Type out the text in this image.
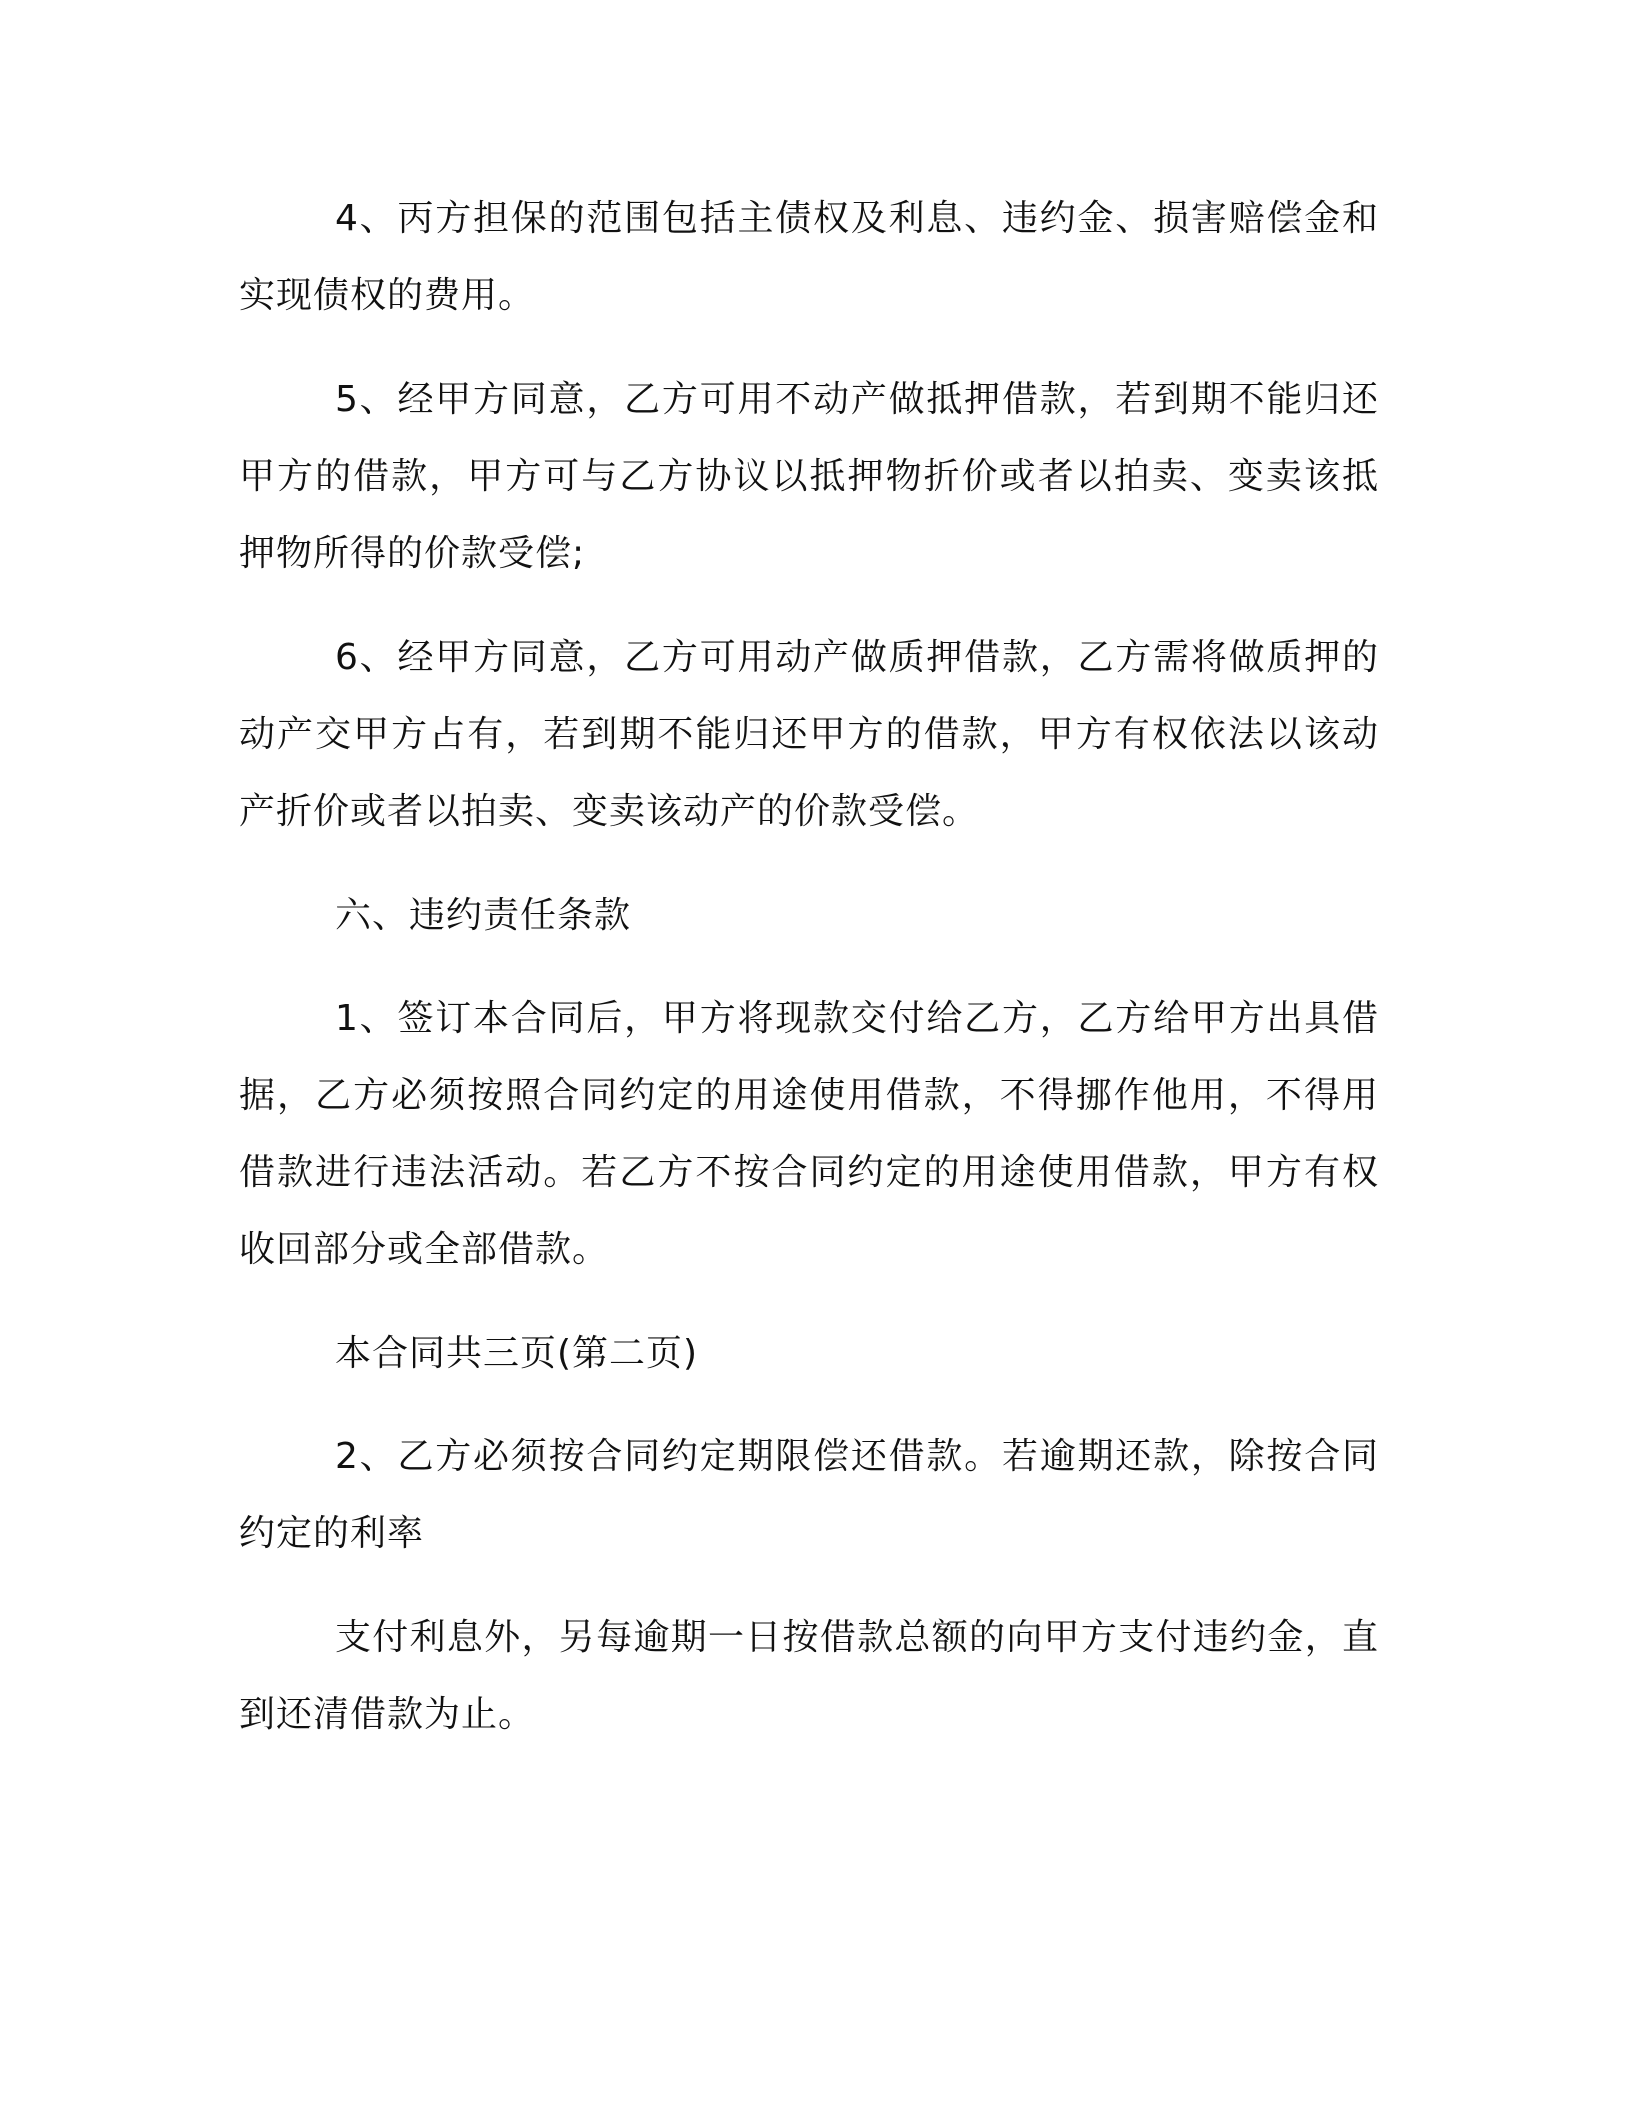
4、丙方担保的范围包括主债权及利息、违约金、损害赔偿金和实现债权的费用。

5、经甲方同意，乙方可用不动产做抵押借款，若到期不能归还甲方的借款，甲方可与乙方协议以抵押物折价或者以拍卖、变卖该抵押物所得的价款受偿;

6、经甲方同意，乙方可用动产做质押借款，乙方需将做质押的动产交甲方占有，若到期不能归还甲方的借款，甲方有权依法以该动产折价或者以拍卖、变卖该动产的价款受偿。

六、违约责任条款

1、签订本合同后，甲方将现款交付给乙方，乙方给甲方出具借据，乙方必须按照合同约定的用途使用借款，不得挪作他用，不得用借款进行违法活动。若乙方不按合同约定的用途使用借款，甲方有权收回部分或全部借款。

本合同共三页(第二页)

2、乙方必须按合同约定期限偿还借款。若逾期还款，除按合同约定的利率

支付利息外，另每逾期一日按借款总额的向甲方支付违约金，直到还清借款为止。
